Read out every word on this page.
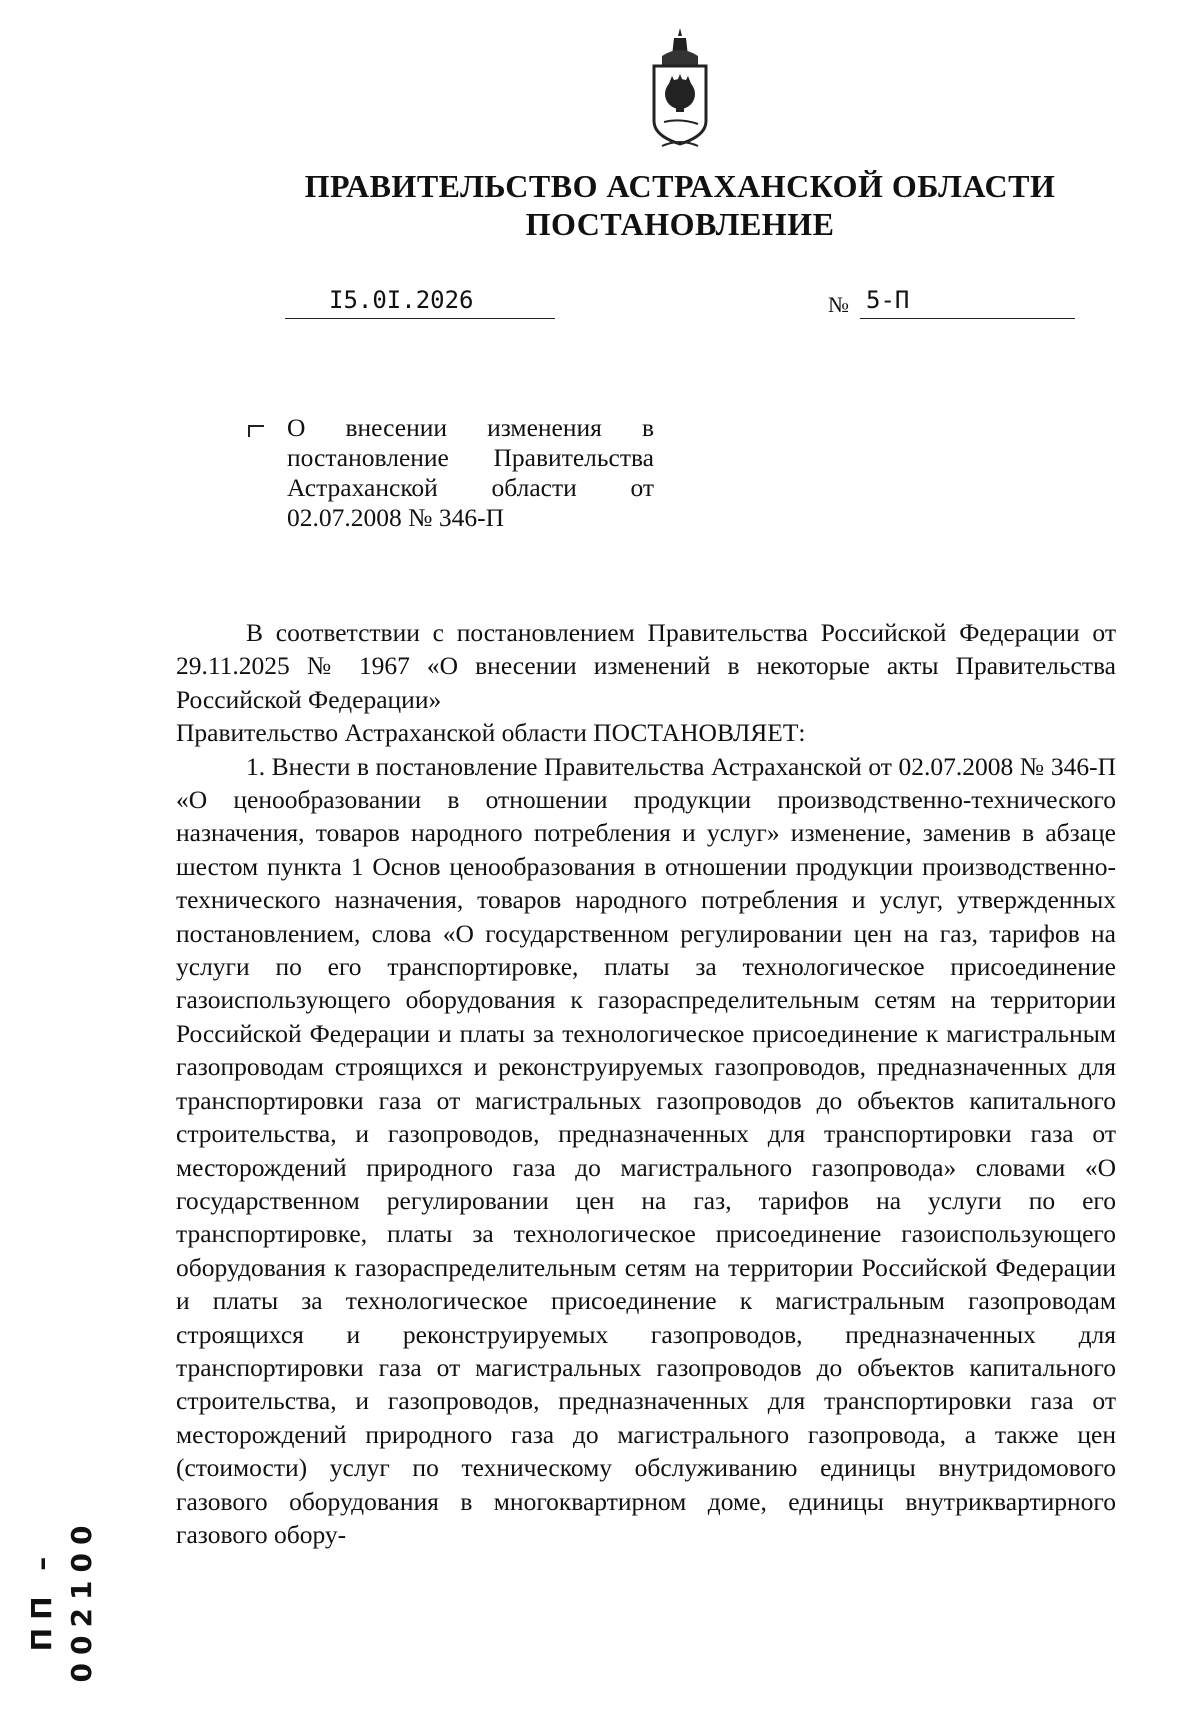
ПРАВИТЕЛЬСТВО АСТРАХАНСКОЙ ОБЛАСТИ
ПОСТАНОВЛЕНИЕ
I5.0I.2026	№ 5-П
О внесении изменения в постановление Правительства Астраханской области от 02.07.2008 № 346-П

В соответствии с постановлением Правительства Российской Федерации от 29.11.2025 № 1967 «О внесении изменений в некоторые акты Правительства Российской Федерации»

Правительство Астраханской области ПОСТАНОВЛЯЕТ:

1. Внести в постановление Правительства Астраханской от 02.07.2008 № 346-П «О ценообразовании в отношении продукции производственно-технического назначения, товаров народного потребления и услуг» изменение, заменив в абзаце шестом пункта 1 Основ ценообразования в отношении продукции производственно-технического назначения, товаров народного потребления и услуг, утвержденных постановлением, слова «О государственном регулировании цен на газ, тарифов на услуги по его транспортировке, платы за технологическое присоединение газоиспользующего оборудования к газораспределительным сетям на территории Российской Федерации и платы за технологическое присоединение к магистральным газопроводам строящихся и реконструируемых газопроводов, предназначенных для транспортировки газа от магистральных газопроводов до объектов капитального строительства, и газопроводов, предназначенных для транспортировки газа от месторождений природного газа до магистрального газопровода» словами «О государственном регулировании цен на газ, тарифов на услуги по его транспортировке, платы за технологическое присоединение газоиспользующего оборудования к газораспределительным сетям на территории Российской Федерации и платы за технологическое присоединение к магистральным газопроводам строящихся и реконструируемых газопроводов, предназначенных для транспортировки газа от магистральных газопроводов до объектов капитального строительства, и газопроводов, предназначенных для транспортировки газа от месторождений природного газа до магистрального газопровода, а также цен (стоимости) услуг по техническому обслуживанию единицы внутридомового газового оборудования в многоквартирном доме, единицы внутриквартирного газового обору-

ПП – 002100
